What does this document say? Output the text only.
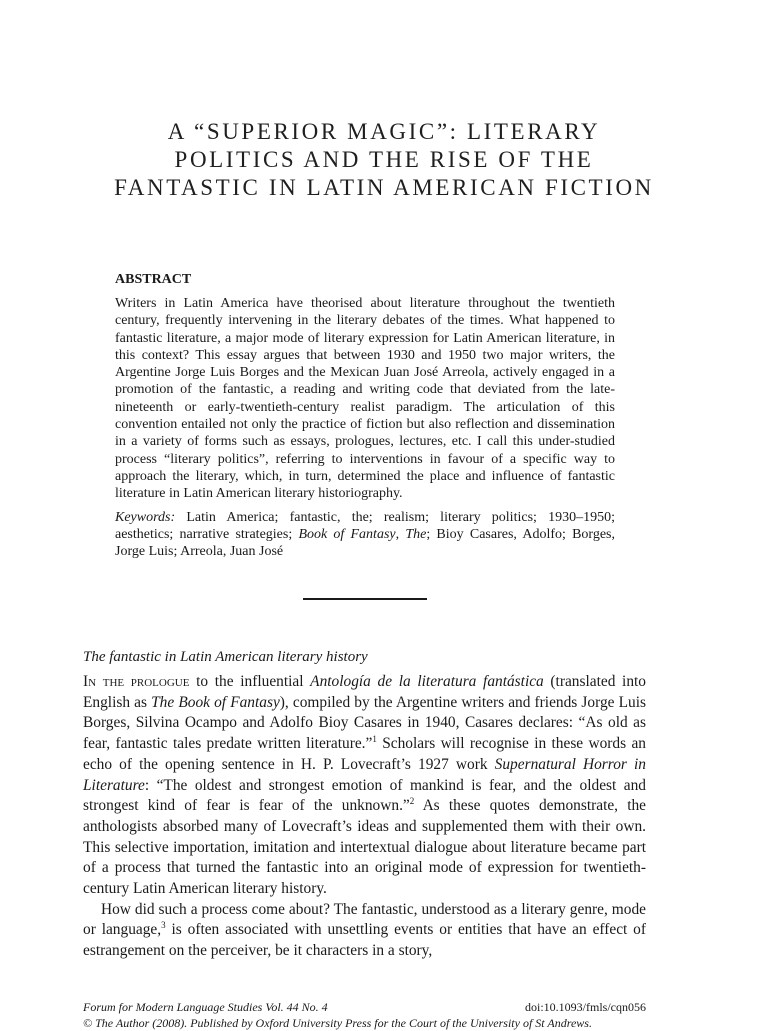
A “SUPERIOR MAGIC”: LITERARY POLITICS AND THE RISE OF THE FANTASTIC IN LATIN AMERICAN FICTION
ABSTRACT

Writers in Latin America have theorised about literature throughout the twentieth century, frequently intervening in the literary debates of the times. What happened to fantastic literature, a major mode of literary expression for Latin American literature, in this context? This essay argues that between 1930 and 1950 two major writers, the Argentine Jorge Luis Borges and the Mexican Juan José Arreola, actively engaged in a promotion of the fantastic, a reading and writing code that deviated from the late-nineteenth or early-twentieth-century realist paradigm. The articulation of this convention entailed not only the practice of fiction but also reflection and dissemination in a variety of forms such as essays, prologues, lectures, etc. I call this under-studied process “literary politics”, referring to interventions in favour of a specific way to approach the literary, which, in turn, determined the place and influence of fantastic literature in Latin American literary historiography.

Keywords: Latin America; fantastic, the; realism; literary politics; 1930–1950; aesthetics; narrative strategies; Book of Fantasy, The; Bioy Casares, Adolfo; Borges, Jorge Luis; Arreola, Juan José

The fantastic in Latin American literary history

In the prologue to the influential Antología de la literatura fantástica (translated into English as The Book of Fantasy), compiled by the Argentine writers and friends Jorge Luis Borges, Silvina Ocampo and Adolfo Bioy Casares in 1940, Casares declares: “As old as fear, fantastic tales predate written literature.”$^1$ Scholars will recognise in these words an echo of the opening sentence in H. P. Lovecraft’s 1927 work Supernatural Horror in Literature: “The oldest and strongest emotion of mankind is fear, and the oldest and strongest kind of fear is fear of the unknown.”$^2$ As these quotes demonstrate, the anthologists absorbed many of Lovecraft’s ideas and supplemented them with their own. This selective importation, imitation and intertextual dialogue about literature became part of a process that turned the fantastic into an original mode of expression for twentieth-century Latin American literary history.

How did such a process come about? The fantastic, understood as a literary genre, mode or language,$^3$ is often associated with unsettling events or entities that have an effect of estrangement on the perceiver, be it characters in a story,

Forum for Modern Language Studies Vol. 44 No. 4	doi:10.1093/fmls/cqn056
© The Author (2008). Published by Oxford University Press for the Court of the University of St Andrews.
